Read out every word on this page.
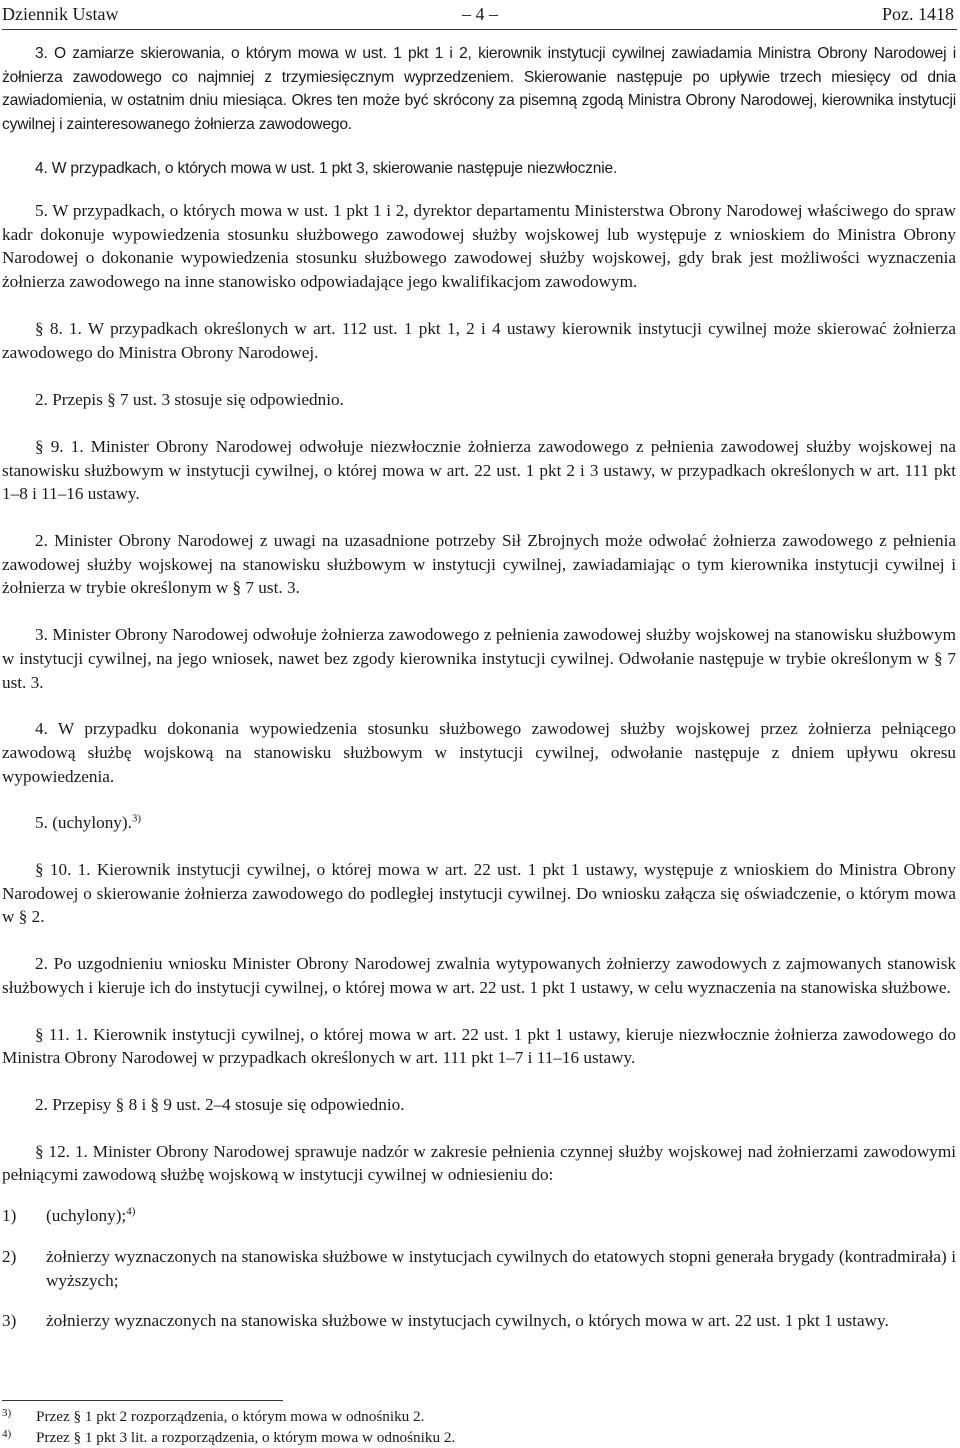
Dziennik Ustaw	– 4 –	Poz. 1418

3. O zamiarze skierowania, o którym mowa w ust. 1 pkt 1 i 2, kierownik instytucji cywilnej zawiadamia Ministra Obrony Narodowej i żołnierza zawodowego co najmniej z trzymiesięcznym wyprzedzeniem. Skierowanie następuje po upływie trzech miesięcy od dnia zawiadomienia, w ostatnim dniu miesiąca. Okres ten może być skrócony za pisemną zgodą Ministra Obrony Narodowej, kierownika instytucji cywilnej i zainteresowanego żołnierza zawodowego.

4. W przypadkach, o których mowa w ust. 1 pkt 3, skierowanie następuje niezwłocznie.

5. W przypadkach, o których mowa w ust. 1 pkt 1 i 2, dyrektor departamentu Ministerstwa Obrony Narodowej właściwego do spraw kadr dokonuje wypowiedzenia stosunku służbowego zawodowej służby wojskowej lub występuje z wnioskiem do Ministra Obrony Narodowej o dokonanie wypowiedzenia stosunku służbowego zawodowej służby wojskowej, gdy brak jest możliwości wyznaczenia żołnierza zawodowego na inne stanowisko odpowiadające jego kwalifikacjom zawodowym.

§ 8. 1. W przypadkach określonych w art. 112 ust. 1 pkt 1, 2 i 4 ustawy kierownik instytucji cywilnej może skierować żołnierza zawodowego do Ministra Obrony Narodowej.

2. Przepis § 7 ust. 3 stosuje się odpowiednio.

§ 9. 1. Minister Obrony Narodowej odwołuje niezwłocznie żołnierza zawodowego z pełnienia zawodowej służby wojskowej na stanowisku służbowym w instytucji cywilnej, o której mowa w art. 22 ust. 1 pkt 2 i 3 ustawy, w przypadkach określonych w art. 111 pkt 1–8 i 11–16 ustawy.

2. Minister Obrony Narodowej z uwagi na uzasadnione potrzeby Sił Zbrojnych może odwołać żołnierza zawodowego z pełnienia zawodowej służby wojskowej na stanowisku służbowym w instytucji cywilnej, zawiadamiając o tym kierownika instytucji cywilnej i żołnierza w trybie określonym w § 7 ust. 3.

3. Minister Obrony Narodowej odwołuje żołnierza zawodowego z pełnienia zawodowej służby wojskowej na stanowisku służbowym w instytucji cywilnej, na jego wniosek, nawet bez zgody kierownika instytucji cywilnej. Odwołanie następuje w trybie określonym w § 7 ust. 3.

4. W przypadku dokonania wypowiedzenia stosunku służbowego zawodowej służby wojskowej przez żołnierza pełniącego zawodową służbę wojskową na stanowisku służbowym w instytucji cywilnej, odwołanie następuje z dniem upływu okresu wypowiedzenia.

5. (uchylony).$^{3)}$

§ 10. 1. Kierownik instytucji cywilnej, o której mowa w art. 22 ust. 1 pkt 1 ustawy, występuje z wnioskiem do Ministra Obrony Narodowej o skierowanie żołnierza zawodowego do podległej instytucji cywilnej. Do wniosku załącza się oświadczenie, o którym mowa w § 2.

2. Po uzgodnieniu wniosku Minister Obrony Narodowej zwalnia wytypowanych żołnierzy zawodowych z zajmowanych stanowisk służbowych i kieruje ich do instytucji cywilnej, o której mowa w art. 22 ust. 1 pkt 1 ustawy, w celu wyznaczenia na stanowiska służbowe.

§ 11. 1. Kierownik instytucji cywilnej, o której mowa w art. 22 ust. 1 pkt 1 ustawy, kieruje niezwłocznie żołnierza zawodowego do Ministra Obrony Narodowej w przypadkach określonych w art. 111 pkt 1–7 i 11–16 ustawy.

2. Przepisy § 8 i § 9 ust. 2–4 stosuje się odpowiednio.

§ 12. 1. Minister Obrony Narodowej sprawuje nadzór w zakresie pełnienia czynnej służby wojskowej nad żołnierzami zawodowymi pełniącymi zawodową służbę wojskową w instytucji cywilnej w odniesieniu do:

1)	(uchylony);$^{4)}$
2)	żołnierzy wyznaczonych na stanowiska służbowe w instytucjach cywilnych do etatowych stopni generała brygady (kontradmirała) i wyższych;
3)	żołnierzy wyznaczonych na stanowiska służbowe w instytucjach cywilnych, o których mowa w art. 22 ust. 1 pkt 1 ustawy.
3)	Przez § 1 pkt 2 rozporządzenia, o którym mowa w odnośniku 2.
4)	Przez § 1 pkt 3 lit. a rozporządzenia, o którym mowa w odnośniku 2.
